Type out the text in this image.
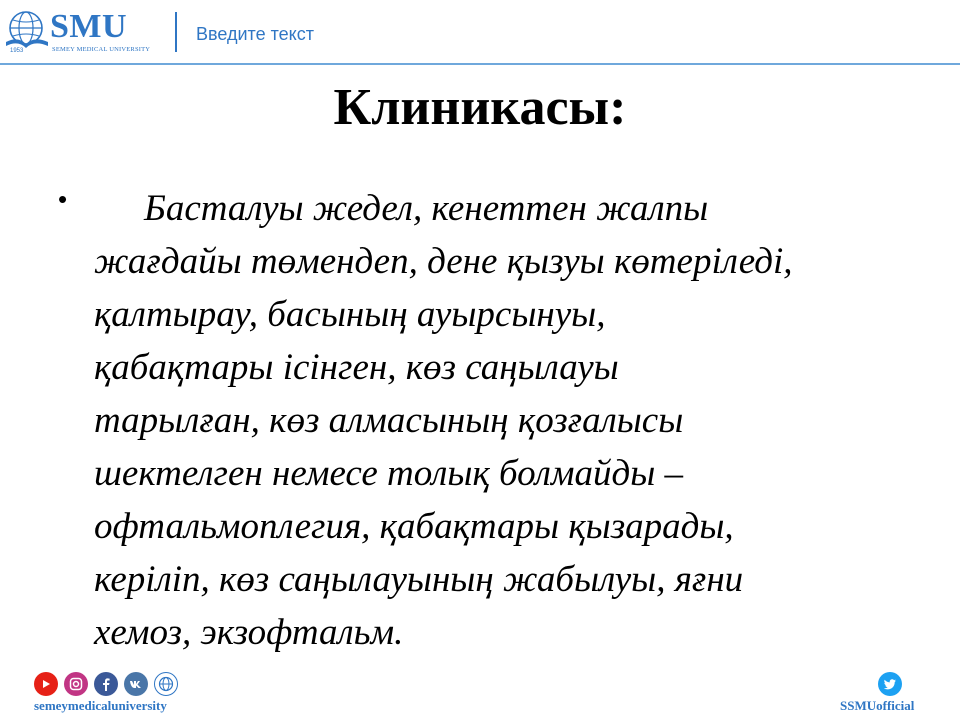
1953
SMU
SEMEY MEDICAL UNIVERSITY
Введите текст
Клиникасы:
•	Басталуы жедел, кенеттен жалпы
жағдайы төмендеп, дене қызуы көтеріледі,
қалтырау, басының ауырсынуы,
қабақтары ісінген, көз саңылауы
тарылған, көз алмасының қозғалысы
шектелген немесе толық болмайды –
офтальмоплегия, қабақтары қызарады,
керіліп, көз саңылауының жабылуы, яғни
хемоз, экзофтальм.
semeymedicaluniversity	SSMUofficial
